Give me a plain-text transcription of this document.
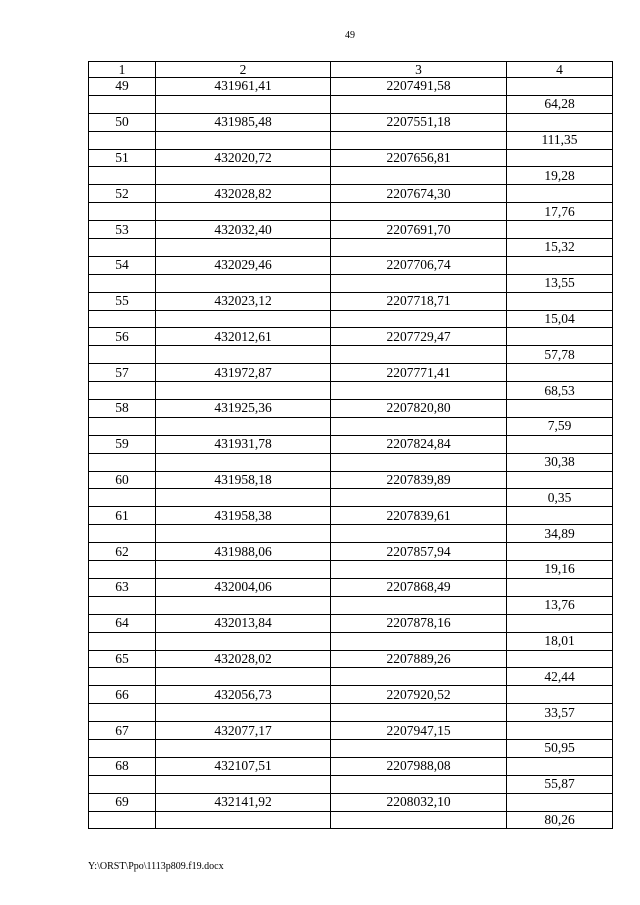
49
1	2	3	4
49	431961,41	2207491,58	
			64,28
50	431985,48	2207551,18	
			111,35
51	432020,72	2207656,81	
			19,28
52	432028,82	2207674,30	
			17,76
53	432032,40	2207691,70	
			15,32
54	432029,46	2207706,74	
			13,55
55	432023,12	2207718,71	
			15,04
56	432012,61	2207729,47	
			57,78
57	431972,87	2207771,41	
			68,53
58	431925,36	2207820,80	
			7,59
59	431931,78	2207824,84	
			30,38
60	431958,18	2207839,89	
			0,35
61	431958,38	2207839,61	
			34,89
62	431988,06	2207857,94	
			19,16
63	432004,06	2207868,49	
			13,76
64	432013,84	2207878,16	
			18,01
65	432028,02	2207889,26	
			42,44
66	432056,73	2207920,52	
			33,57
67	432077,17	2207947,15	
			50,95
68	432107,51	2207988,08	
			55,87
69	432141,92	2208032,10	
			80,26
Y:\ORST\Ppo\1113p809.f19.docx
